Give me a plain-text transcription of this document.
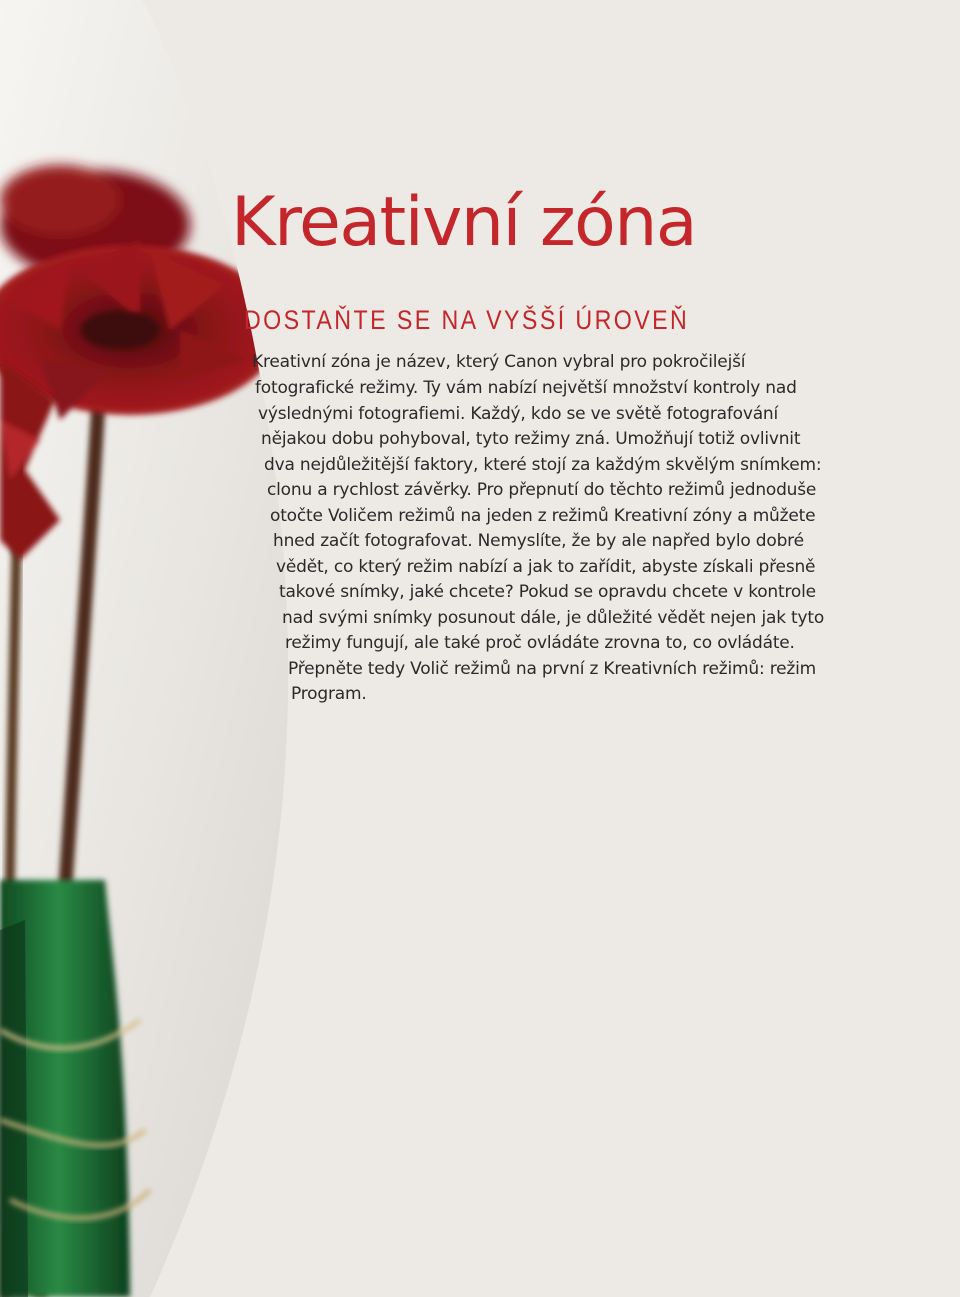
Kreativní zóna
DOSTAŇTE SE NA VYŠŠÍ ÚROVEŇ
Kreativní zóna je název, který Canon vybral pro pokročilejší
fotografické režimy. Ty vám nabízí největší množství kontroly nad
výslednými fotografiemi. Každý, kdo se ve světě fotografování
nějakou dobu pohyboval, tyto režimy zná. Umožňují totiž ovlivnit
dva nejdůležitější faktory, které stojí za každým skvělým snímkem:
clonu a rychlost závěrky. Pro přepnutí do těchto režimů jednoduše
otočte Voličem režimů na jeden z režimů Kreativní zóny a můžete
hned začít fotografovat. Nemyslíte, že by ale napřed bylo dobré
vědět, co který režim nabízí a jak to zařídit, abyste získali přesně
takové snímky, jaké chcete? Pokud se opravdu chcete v kontrole
nad svými snímky posunout dále, je důležité vědět nejen jak tyto
režimy fungují, ale také proč ovládáte zrovna to, co ovládáte.
Přepněte tedy Volič režimů na první z Kreativních režimů: režim
Program.
